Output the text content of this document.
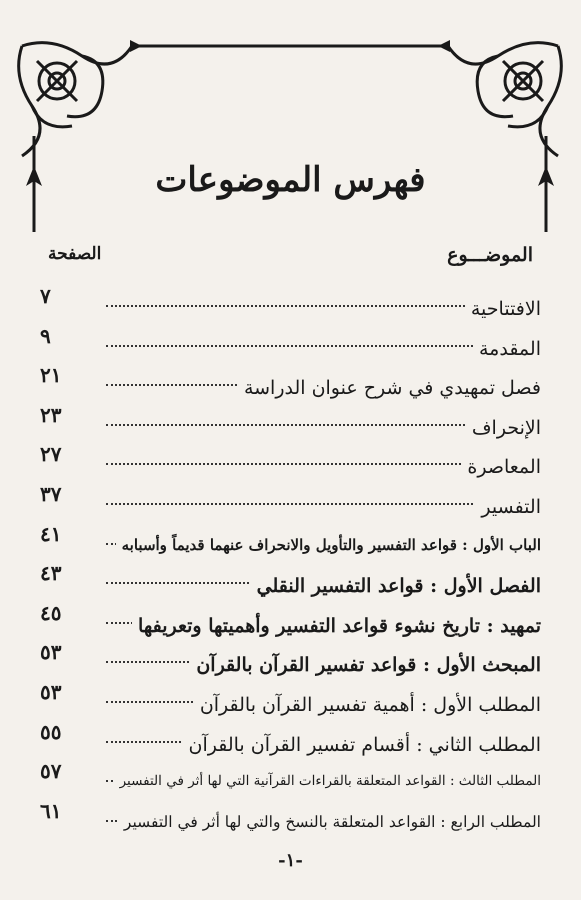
فهرس الموضوعات
الموضـــوع
الصفحة
الافتتاحية
٧
المقدمة
٩
فصل تمهيدي في شرح عنوان الدراسة
٢١
الإنحراف
٢٣
المعاصرة
٢٧
التفسير
٣٧
الباب الأول : قواعد التفسير والتأويل والانحراف عنهما قديماً وأسبابه
٤١
الفصل الأول : قواعد التفسير النقلي
٤٣
تمهيد : تاريخ نشوء قواعد التفسير وأهميتها وتعريفها
٤٥
المبحث الأول : قواعد تفسير القرآن بالقرآن
٥٣
المطلب الأول : أهمية تفسير القرآن بالقرآن
٥٣
المطلب الثاني : أقسام تفسير القرآن بالقرآن
٥٥
المطلب الثالث : القواعد المتعلقة بالقراءات القرآنية التي لها أثر في التفسير
٥٧
المطلب الرابع : القواعد المتعلقة بالنسخ والتي لها أثر في التفسير
٦١
-١-
